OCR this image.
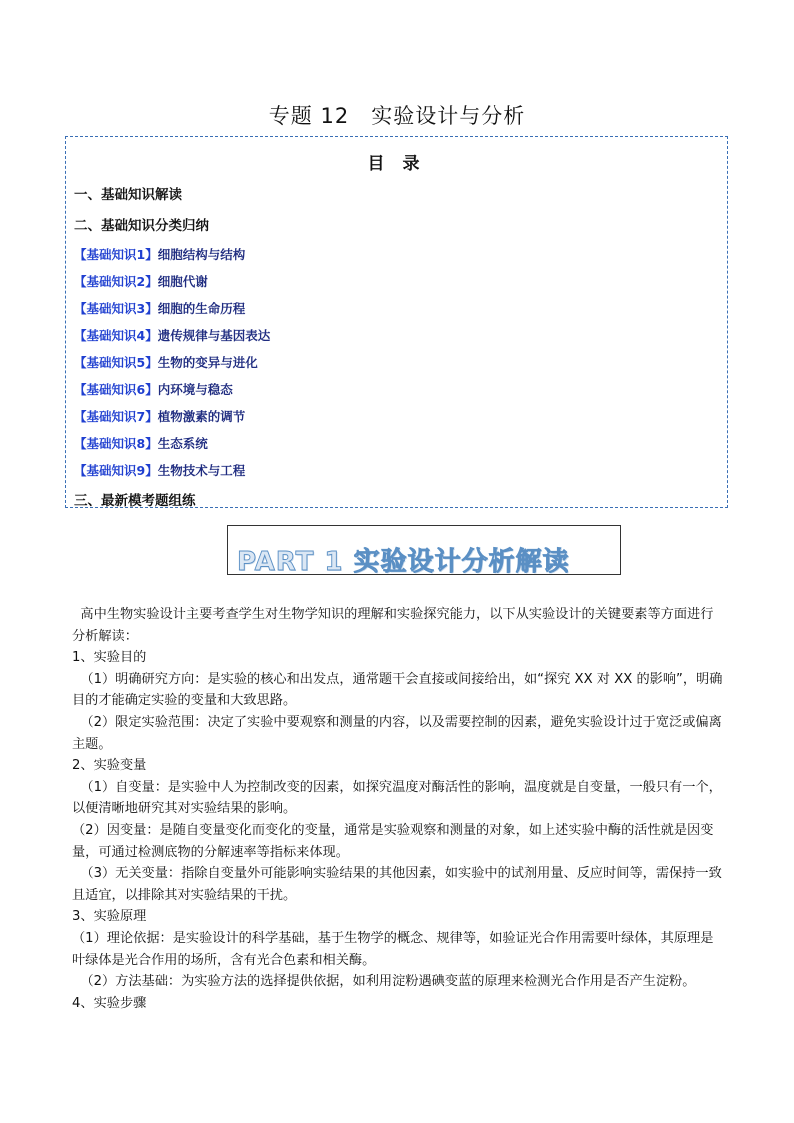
专题 12　实验设计与分析
目 录
一、基础知识解读
二、基础知识分类归纳
【基础知识1】细胞结构与结构
【基础知识2】细胞代谢
【基础知识3】细胞的生命历程
【基础知识4】遗传规律与基因表达
【基础知识5】生物的变异与进化
【基础知识6】内环境与稳态
【基础知识7】植物激素的调节
【基础知识8】生态系统
【基础知识9】生物技术与工程
三、最新模考题组练
PART 1 实验设计分析解读

高中生物实验设计主要考查学生对生物学知识的理解和实验探究能力，以下从实验设计的关键要素等方面进行分析解读：

1、实验目的

（1）明确研究方向：是实验的核心和出发点，通常题干会直接或间接给出，如“探究 XX 对 XX 的影响”，明确目的才能确定实验的变量和大致思路。

（2）限定实验范围：决定了实验中要观察和测量的内容，以及需要控制的因素，避免实验设计过于宽泛或偏离主题。

2、实验变量

（1）自变量：是实验中人为控制改变的因素，如探究温度对酶活性的影响，温度就是自变量，一般只有一个，以便清晰地研究其对实验结果的影响。

（2）因变量：是随自变量变化而变化的变量，通常是实验观察和测量的对象，如上述实验中酶的活性就是因变量，可通过检测底物的分解速率等指标来体现。

（3）无关变量：指除自变量外可能影响实验结果的其他因素，如实验中的试剂用量、反应时间等，需保持一致且适宜，以排除其对实验结果的干扰。

3、实验原理

（1）理论依据：是实验设计的科学基础，基于生物学的概念、规律等，如验证光合作用需要叶绿体，其原理是叶绿体是光合作用的场所，含有光合色素和相关酶。

（2）方法基础：为实验方法的选择提供依据，如利用淀粉遇碘变蓝的原理来检测光合作用是否产生淀粉。

4、实验步骤
